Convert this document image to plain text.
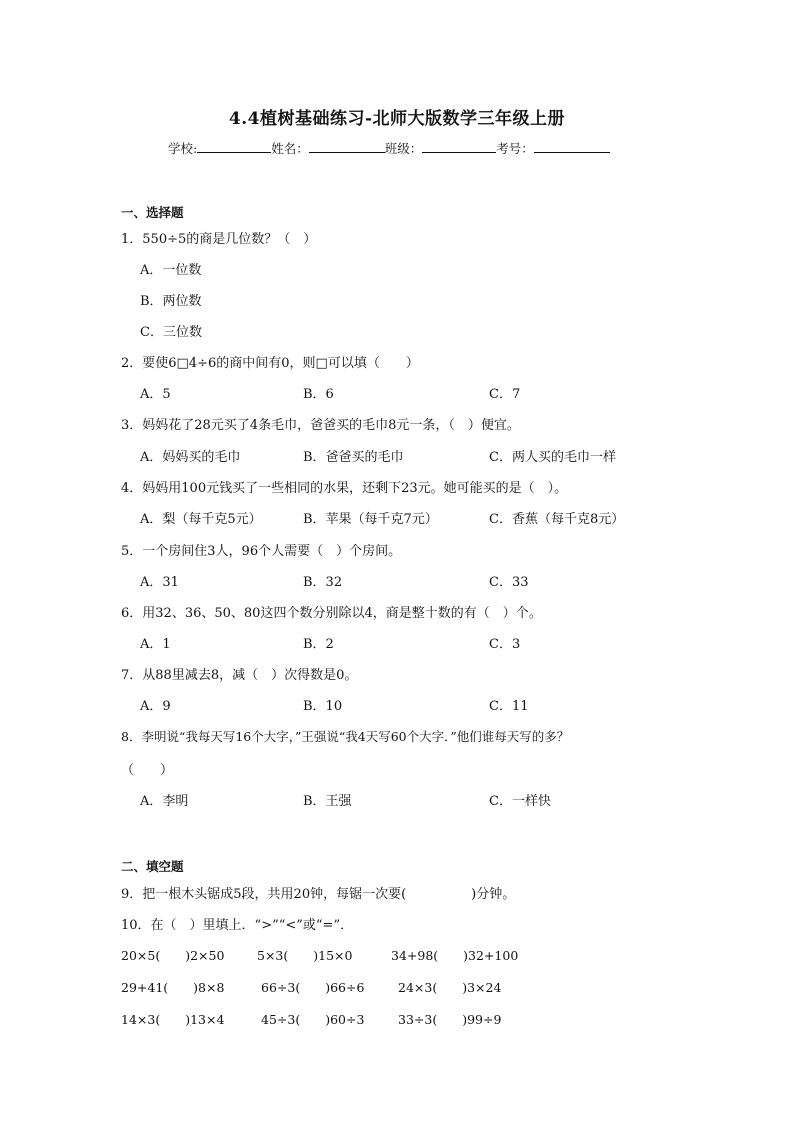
4.4植树基础练习-北师大版数学三年级上册
学校:	姓名：	班级：	考号：
一、选择题
1．550÷5的商是几位数？（　）
A．一位数
B．两位数
C．三位数
2．要使6□4÷6的商中间有0，则□可以填（　　）
A．5	B．6	C．7
3．妈妈花了28元买了4条毛巾，爸爸买的毛巾8元一条，（　）便宜。
A．妈妈买的毛巾	B．爸爸买的毛巾	C．两人买的毛巾一样
4．妈妈用100元钱买了一些相同的水果，还剩下23元。她可能买的是（　）。
A．梨（每千克5元）	B．苹果（每千克7元）	C．香蕉（每千克8元）
5．一个房间住3人，96个人需要（　）个房间。
A．31	B．32	C．33
6．用32、36、50、80这四个数分别除以4，商是整十数的有（　）个。
A．1	B．2	C．3
7．从88里减去8，减（　）次得数是0。
A．9	B．10	C．11
8．李明说“我每天写16个大字，”王强说“我4天写60个大字．”他们谁每天写的多？
（　　）
A．李明	B．王强	C．一样快
二、填空题
9．把一根木头锯成5段，共用20钟，每锯一次要(　　　　　)分钟。
10．在（　）里填上．“>”“<”或“=”．
20×5(　　)2×50	5×3(　　)15×0	34+98(　　)32+100
29+41(　　)8×8	66÷3(　　)66÷6	24×3(　　)3×24
14×3(　　)13×4	45÷3(　　)60÷3	33÷3(　　)99÷9
